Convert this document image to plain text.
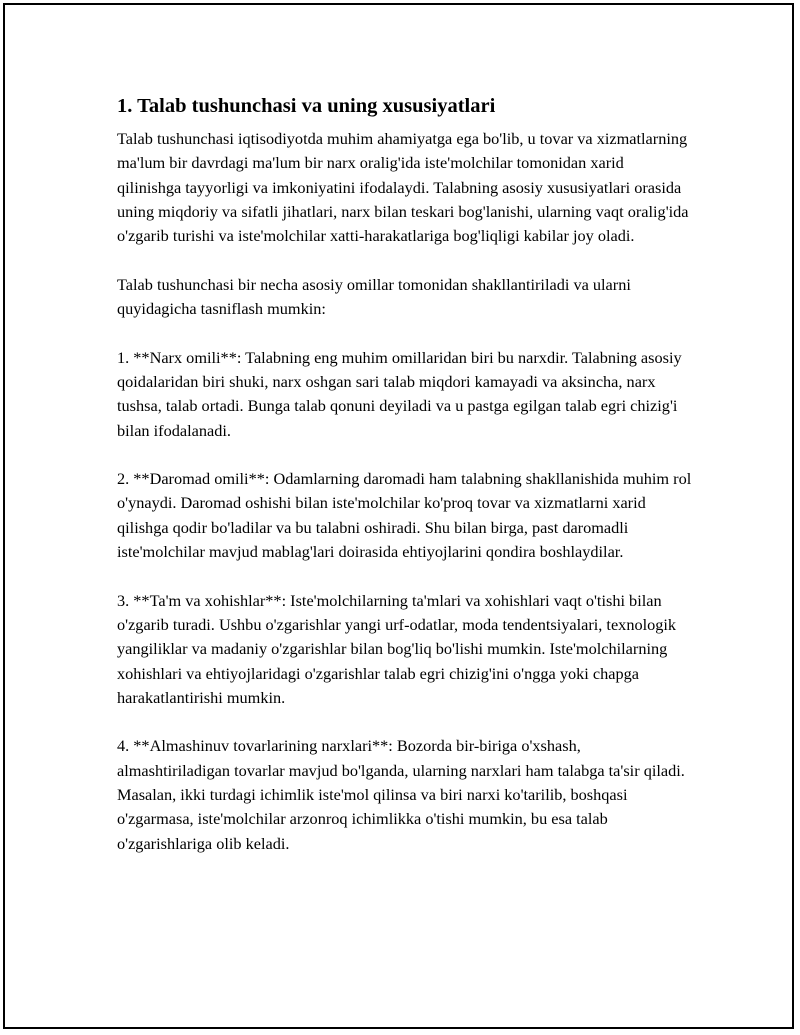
1. Talab tushunchasi va uning xususiyatlari

Talab tushunchasi iqtisodiyotda muhim ahamiyatga ega bo'lib, u tovar va xizmatlarning ma'lum bir davrdagi ma'lum bir narx oralig'ida iste'molchilar tomonidan xarid qilinishga tayyorligi va imkoniyatini ifodalaydi. Talabning asosiy xususiyatlari orasida uning miqdoriy va sifatli jihatlari, narx bilan teskari bog'lanishi, ularning vaqt oralig'ida o'zgarib turishi va iste'molchilar xatti-harakatlariga bog'liqligi kabilar joy oladi.

Talab tushunchasi bir necha asosiy omillar tomonidan shakllantiriladi va ularni quyidagicha tasniflash mumkin:

1. **Narx omili**: Talabning eng muhim omillaridan biri bu narxdir. Talabning asosiy qoidalaridan biri shuki, narx oshgan sari talab miqdori kamayadi va aksincha, narx tushsa, talab ortadi. Bunga talab qonuni deyiladi va u pastga egilgan talab egri chizig'i bilan ifodalanadi.

2. **Daromad omili**: Odamlarning daromadi ham talabning shakllanishida muhim rol o'ynaydi. Daromad oshishi bilan iste'molchilar ko'proq tovar va xizmatlarni xarid qilishga qodir bo'ladilar va bu talabni oshiradi. Shu bilan birga, past daromadli iste'molchilar mavjud mablag'lari doirasida ehtiyojlarini qondira boshlaydilar.

3. **Ta'm va xohishlar**: Iste'molchilarning ta'mlari va xohishlari vaqt o'tishi bilan o'zgarib turadi. Ushbu o'zgarishlar yangi urf-odatlar, moda tendentsiyalari, texnologik yangiliklar va madaniy o'zgarishlar bilan bog'liq bo'lishi mumkin. Iste'molchilarning xohishlari va ehtiyojlaridagi o'zgarishlar talab egri chizig'ini o'ngga yoki chapga harakatlantirishi mumkin.

4. **Almashinuv tovarlarining narxlari**: Bozorda bir-biriga o'xshash, almashtiriladigan tovarlar mavjud bo'lganda, ularning narxlari ham talabga ta'sir qiladi. Masalan, ikki turdagi ichimlik iste'mol qilinsa va biri narxi ko'tarilib, boshqasi o'zgarmasa, iste'molchilar arzonroq ichimlikka o'tishi mumkin, bu esa talab o'zgarishlariga olib keladi.
